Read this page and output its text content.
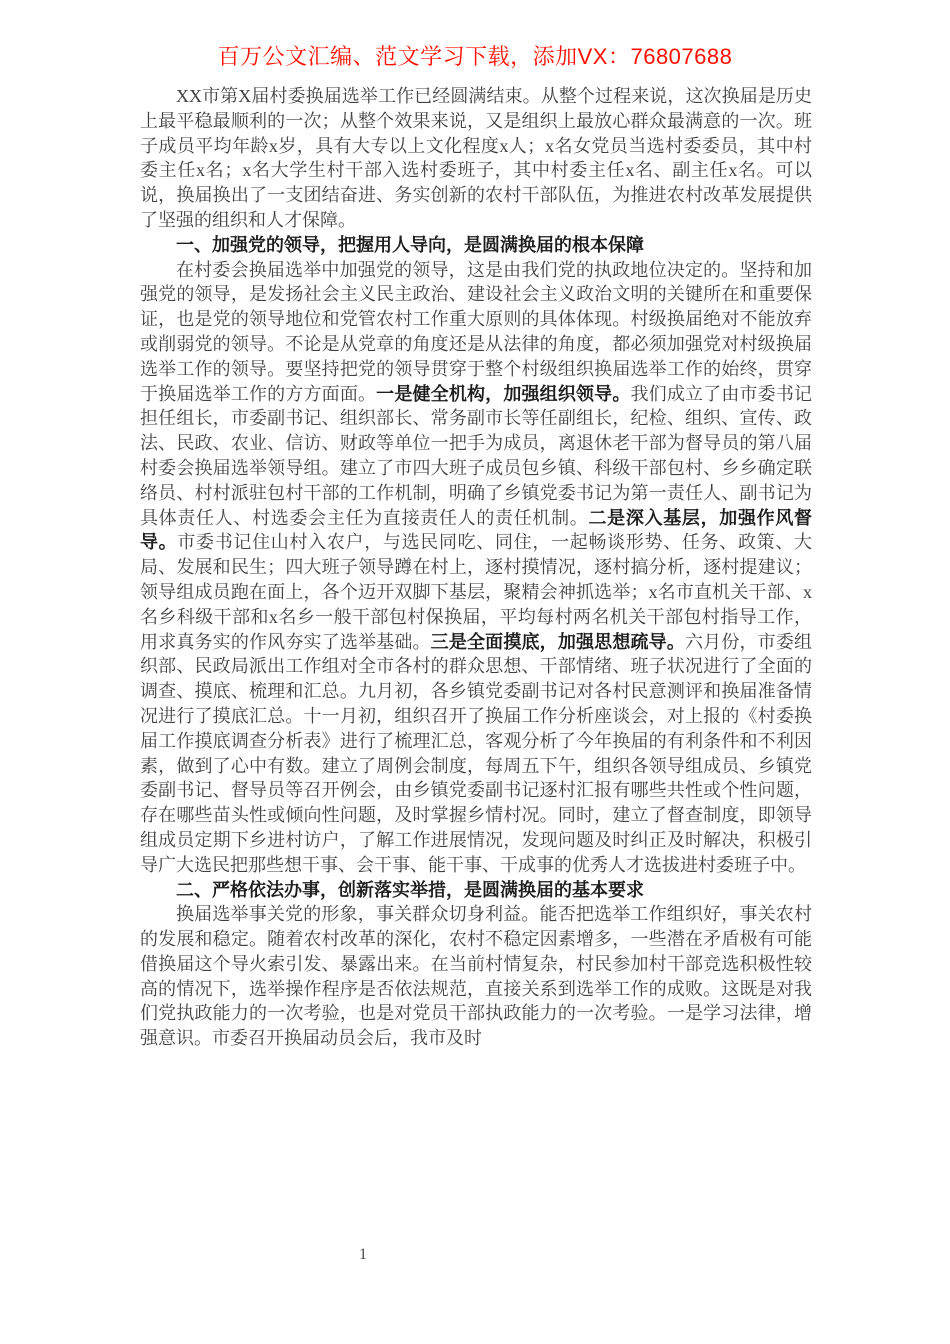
百万公文汇编、范文学习下载，添加VX：76807688

XX市第X届村委换届选举工作已经圆满结束。从整个过程来说，这次换届是历史上最平稳最顺利的一次；从整个效果来说，又是组织上最放心群众最满意的一次。班子成员平均年龄x岁，具有大专以上文化程度x人；x名女党员当选村委委员，其中村委主任x名；x名大学生村干部入选村委班子，其中村委主任x名、副主任x名。可以说，换届换出了一支团结奋进、务实创新的农村干部队伍，为推进农村改革发展提供了坚强的组织和人才保障。

一、加强党的领导，把握用人导向，是圆满换届的根本保障

在村委会换届选举中加强党的领导，这是由我们党的执政地位决定的。坚持和加强党的领导，是发扬社会主义民主政治、建设社会主义政治文明的关键所在和重要保证，也是党的领导地位和党管农村工作重大原则的具体体现。村级换届绝对不能放弃或削弱党的领导。不论是从党章的角度还是从法律的角度，都必须加强党对村级换届选举工作的领导。要坚持把党的领导贯穿于整个村级组织换届选举工作的始终，贯穿于换届选举工作的方方面面。一是健全机构，加强组织领导。我们成立了由市委书记担任组长，市委副书记、组织部长、常务副市长等任副组长，纪检、组织、宣传、政法、民政、农业、信访、财政等单位一把手为成员，离退休老干部为督导员的第八届村委会换届选举领导组。建立了市四大班子成员包乡镇、科级干部包村、乡乡确定联络员、村村派驻包村干部的工作机制，明确了乡镇党委书记为第一责任人、副书记为具体责任人、村选委会主任为直接责任人的责任机制。二是深入基层，加强作风督导。市委书记住山村入农户，与选民同吃、同住，一起畅谈形势、任务、政策、大局、发展和民生；四大班子领导蹲在村上，逐村摸情况，逐村搞分析，逐村提建议；领导组成员跑在面上，各个迈开双脚下基层，聚精会神抓选举；x名市直机关干部、x名乡科级干部和x名乡一般干部包村保换届，平均每村两名机关干部包村指导工作，用求真务实的作风夯实了选举基础。三是全面摸底，加强思想疏导。六月份，市委组织部、民政局派出工作组对全市各村的群众思想、干部情绪、班子状况进行了全面的调查、摸底、梳理和汇总。九月初，各乡镇党委副书记对各村民意测评和换届准备情况进行了摸底汇总。十一月初，组织召开了换届工作分析座谈会，对上报的《村委换届工作摸底调查分析表》进行了梳理汇总，客观分析了今年换届的有利条件和不利因素，做到了心中有数。建立了周例会制度，每周五下午，组织各领导组成员、乡镇党委副书记、督导员等召开例会，由乡镇党委副书记逐村汇报有哪些共性或个性问题，存在哪些苗头性或倾向性问题，及时掌握乡情村况。同时，建立了督查制度，即领导组成员定期下乡进村访户，了解工作进展情况，发现问题及时纠正及时解决，积极引导广大选民把那些想干事、会干事、能干事、干成事的优秀人才选拔进村委班子中。

二、严格依法办事，创新落实举措，是圆满换届的基本要求

换届选举事关党的形象，事关群众切身利益。能否把选举工作组织好，事关农村的发展和稳定。随着农村改革的深化，农村不稳定因素增多，一些潜在矛盾极有可能借换届这个导火索引发、暴露出来。在当前村情复杂，村民参加村干部竞选积极性较高的情况下，选举操作程序是否依法规范，直接关系到选举工作的成败。这既是对我们党执政能力的一次考验，也是对党员干部执政能力的一次考验。一是学习法律，增强意识。市委召开换届动员会后，我市及时

1
